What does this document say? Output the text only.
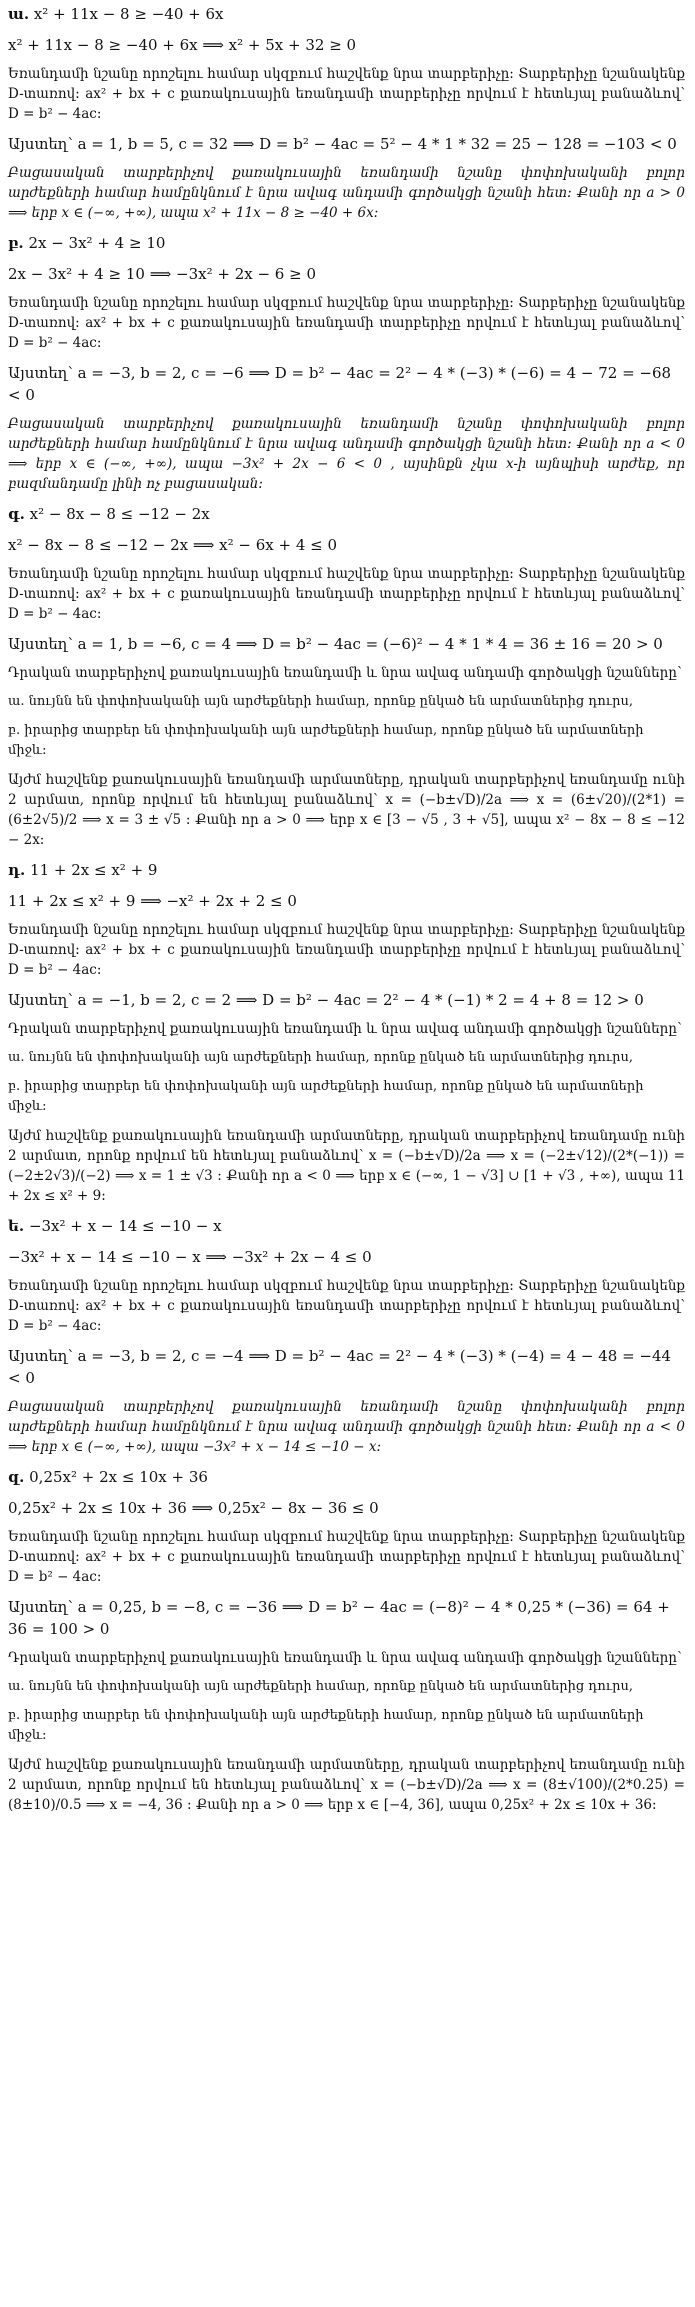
ա. x² + 11x − 8 ≥ −40 + 6x
x² + 11x − 8 ≥ −40 + 6x ⟹ x² + 5x + 32 ≥ 0
Եռանդամի նշանը որոշելու համար սկզբում հաշվենք նրա տարբերիչը: Տարբերիչը նշանակենք D-տառով: ax² + bx + c քառակուսային եռանդամի տարբերիչը որվում է հետևյալ բանաձևով՝ D = b² − 4ac:
Այստեղ՝ a = 1, b = 5, c = 32 ⟹ D = b² − 4ac = 5² − 4 * 1 * 32 = 25 − 128 = −103 < 0
Բացասական տարբերիչով քառակուսային եռանդամի նշանը փոփոխականի բոլոր արժեքների համար համընկնում է նրա ավագ անդամի գործակցի նշանի հետ: Քանի որ a > 0 ⟹ երբ x ∈ (−∞, +∞), ապա x² + 11x − 8 ≥ −40 + 6x:
բ. 2x − 3x² + 4 ≥ 10
2x − 3x² + 4 ≥ 10 ⟹ −3x² + 2x − 6 ≥ 0
Եռանդամի նշանը որոշելու համար սկզբում հաշվենք նրա տարբերիչը: Տարբերիչը նշանակենք D-տառով: ax² + bx + c քառակուսային եռանդամի տարբերիչը որվում է հետևյալ բանաձևով՝ D = b² − 4ac:
Այստեղ՝ a = −3, b = 2, c = −6 ⟹ D = b² − 4ac = 2² − 4 * (−3) * (−6) = 4 − 72 = −68 < 0
Բացասական տարբերիչով քառակուսային եռանդամի նշանը փոփոխականի բոլոր արժեքների համար համընկնում է նրա ավագ անդամի գործակցի նշանի հետ: Քանի որ a < 0 ⟹ երբ x ∈ (−∞, +∞), ապա −3x² + 2x − 6 < 0 , այսինքն չկա x-ի այնպիսի արժեք, որ բազմանդամը լինի ոչ բացասական:
գ. x² − 8x − 8 ≤ −12 − 2x
x² − 8x − 8 ≤ −12 − 2x ⟹ x² − 6x + 4 ≤ 0
Եռանդամի նշանը որոշելու համար սկզբում հաշվենք նրա տարբերիչը: Տարբերիչը նշանակենք D-տառով: ax² + bx + c քառակուսային եռանդամի տարբերիչը որվում է հետևյալ բանաձևով՝ D = b² − 4ac:
Այստեղ՝ a = 1, b = −6, c = 4 ⟹ D = b² − 4ac = (−6)² − 4 * 1 * 4 = 36 ± 16 = 20 > 0
Դրական տարբերիչով քառակուսային եռանդամի և նրա ավագ անդամի գործակցի նշանները՝
ա. նույնն են փոփոխականի այն արժեքների համար, որոնք ընկած են արմատներից դուրս,
բ. իրարից տարբեր են փոփոխականի այն արժեքների համար, որոնք ընկած են արմատների միջև:
Այժմ հաշվենք քառակուսային եռանդամի արմատները, դրական տարբերիչով եռանդամը ունի 2 արմատ, որոնք որվում են հետևյալ բանաձևով՝ x = (−b±√D)/2a ⟹ x = (6±√20)/(2*1) = (6±2√5)/2 ⟹ x = 3 ± √5 : Քանի որ a > 0 ⟹ երբ x ∈ [3 − √5 , 3 + √5], ապա x² − 8x − 8 ≤ −12 − 2x:
դ. 11 + 2x ≤ x² + 9
11 + 2x ≤ x² + 9 ⟹ −x² + 2x + 2 ≤ 0
Եռանդամի նշանը որոշելու համար սկզբում հաշվենք նրա տարբերիչը: Տարբերիչը նշանակենք D-տառով: ax² + bx + c քառակուսային եռանդամի տարբերիչը որվում է հետևյալ բանաձևով՝ D = b² − 4ac:
Այստեղ՝ a = −1, b = 2, c = 2 ⟹ D = b² − 4ac = 2² − 4 * (−1) * 2 = 4 + 8 = 12 > 0
Դրական տարբերիչով քառակուսային եռանդամի և նրա ավագ անդամի գործակցի նշանները՝
ա. նույնն են փոփոխականի այն արժեքների համար, որոնք ընկած են արմատներից դուրս,
բ. իրարից տարբեր են փոփոխականի այն արժեքների համար, որոնք ընկած են արմատների միջև:
Այժմ հաշվենք քառակուսային եռանդամի արմատները, դրական տարբերիչով եռանդամը ունի 2 արմատ, որոնք որվում են հետևյալ բանաձևով՝ x = (−b±√D)/2a ⟹ x = (−2±√12)/(2*(−1)) = (−2±2√3)/(−2) ⟹ x = 1 ± √3 : Քանի որ a < 0 ⟹ երբ x ∈ (−∞, 1 − √3] ∪ [1 + √3 , +∞), ապա 11 + 2x ≤ x² + 9:
ե. −3x² + x − 14 ≤ −10 − x
−3x² + x − 14 ≤ −10 − x ⟹ −3x² + 2x − 4 ≤ 0
Եռանդամի նշանը որոշելու համար սկզբում հաշվենք նրա տարբերիչը: Տարբերիչը նշանակենք D-տառով: ax² + bx + c քառակուսային եռանդամի տարբերիչը որվում է հետևյալ բանաձևով՝ D = b² − 4ac:
Այստեղ՝ a = −3, b = 2, c = −4 ⟹ D = b² − 4ac = 2² − 4 * (−3) * (−4) = 4 − 48 = −44 < 0
Բացասական տարբերիչով քառակուսային եռանդամի նշանը փոփոխականի բոլոր արժեքների համար համընկնում է նրա ավագ անդամի գործակցի նշանի հետ: Քանի որ a < 0 ⟹ երբ x ∈ (−∞, +∞), ապա −3x² + x − 14 ≤ −10 − x:
զ. 0,25x² + 2x ≤ 10x + 36
0,25x² + 2x ≤ 10x + 36 ⟹ 0,25x² − 8x − 36 ≤ 0
Եռանդամի նշանը որոշելու համար սկզբում հաշվենք նրա տարբերիչը: Տարբերիչը նշանակենք D-տառով: ax² + bx + c քառակուսային եռանդամի տարբերիչը որվում է հետևյալ բանաձևով՝ D = b² − 4ac:
Այստեղ՝ a = 0,25, b = −8, c = −36 ⟹ D = b² − 4ac = (−8)² − 4 * 0,25 * (−36) = 64 + 36 = 100 > 0
Դրական տարբերիչով քառակուսային եռանդամի և նրա ավագ անդամի գործակցի նշանները՝
ա. նույնն են փոփոխականի այն արժեքների համար, որոնք ընկած են արմատներից դուրս,
բ. իրարից տարբեր են փոփոխականի այն արժեքների համար, որոնք ընկած են արմատների միջև:
Այժմ հաշվենք քառակուսային եռանդամի արմատները, դրական տարբերիչով եռանդամը ունի 2 արմատ, որոնք որվում են հետևյալ բանաձևով՝ x = (−b±√D)/2a ⟹ x = (8±√100)/(2*0.25) = (8±10)/0.5 ⟹ x = −4, 36 : Քանի որ a > 0 ⟹ երբ x ∈ [−4, 36], ապա 0,25x² + 2x ≤ 10x + 36:
